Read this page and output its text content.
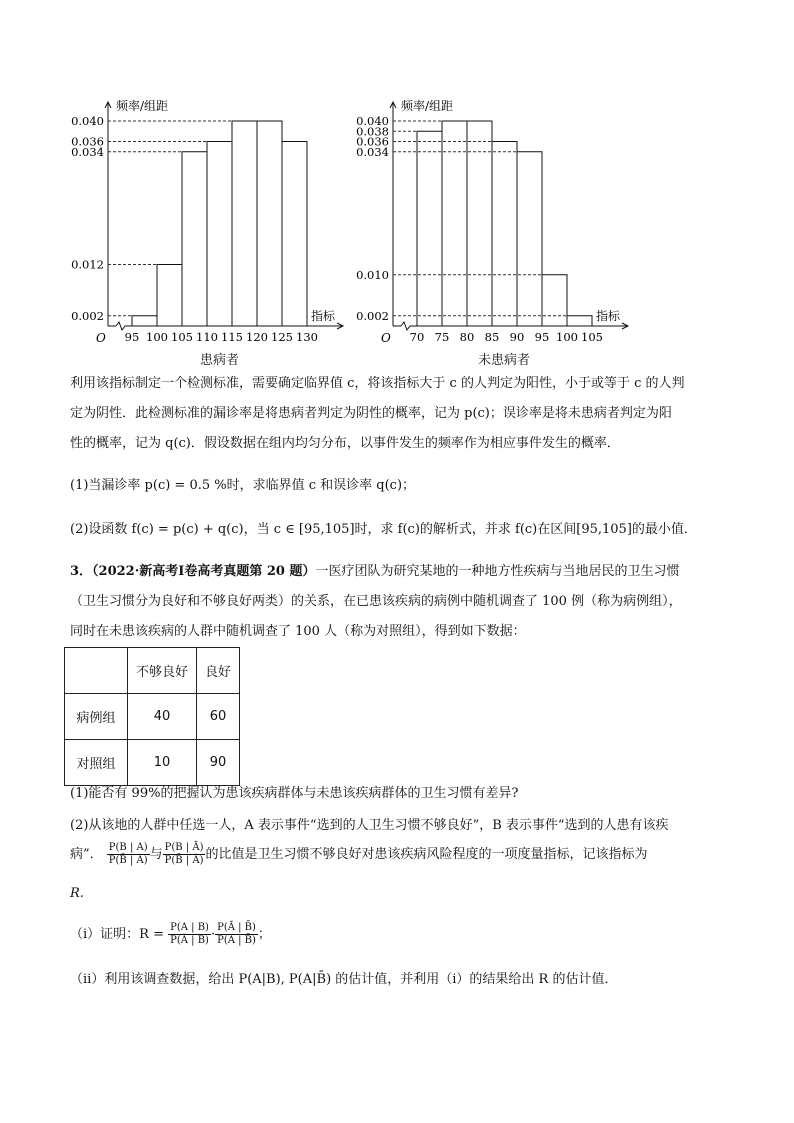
频率/组距
指标
O
0.002
0.012
0.034
0.036
0.040
95 100 105 110 115 120 125 130
频率/组距
指标
O
0.002
0.010
0.034
0.036
0.038
0.040
70 75 80 85 90 95 100 105
患病者	未患病者
利用该指标制定一个检测标准，需要确定临界值 c，将该指标大于 c 的人判定为阳性，小于或等于 c 的人判
定为阴性．此检测标准的漏诊率是将患病者判定为阴性的概率，记为 p(c)；误诊率是将未患病者判定为阳
性的概率，记为 q(c)．假设数据在组内均匀分布，以事件发生的频率作为相应事件发生的概率．
(1)当漏诊率 p(c) = 0.5 %时，求临界值 c 和误诊率 q(c)；
(2)设函数 f(c) = p(c) + q(c)，当 c ∈ [95,105]时，求 f(c)的解析式，并求 f(c)在区间[95,105]的最小值．
3．（2022·新高考Ⅰ卷高考真题第 20 题）一医疗团队为研究某地的一种地方性疾病与当地居民的卫生习惯
（卫生习惯分为良好和不够良好两类）的关系，在已患该疾病的病例中随机调查了 100 例（称为病例组），
同时在未患该疾病的人群中随机调查了 100 人（称为对照组），得到如下数据：
	不够良好	良好
病例组	40	60
对照组	10	90
(1)能否有 99%的把握认为患该疾病群体与未患该疾病群体的卫生习惯有差异?
(2)从该地的人群中任选一人，A 表示事件“选到的人卫生习惯不够良好”，B 表示事件“选到的人患有该疾
病”． $\frac{P(B | A)}{P(B̄ | A)}$ 与 $\frac{P(B | Ā)}{P(B̄ | Ā)}$ 的比值是卫生习惯不够良好对患该疾病风险程度的一项度量指标，记该指标为
R.
（ⅰ）证明：$R = \frac{P(A | B)}{P(Ā | B)} \cdot \frac{P(Ā | B̄)}{P(A | B̄)}$ ；
（ⅱ）利用该调查数据，给出 P(A|B), P(A|B̄) 的估计值，并利用（ⅰ）的结果给出 R 的估计值．
